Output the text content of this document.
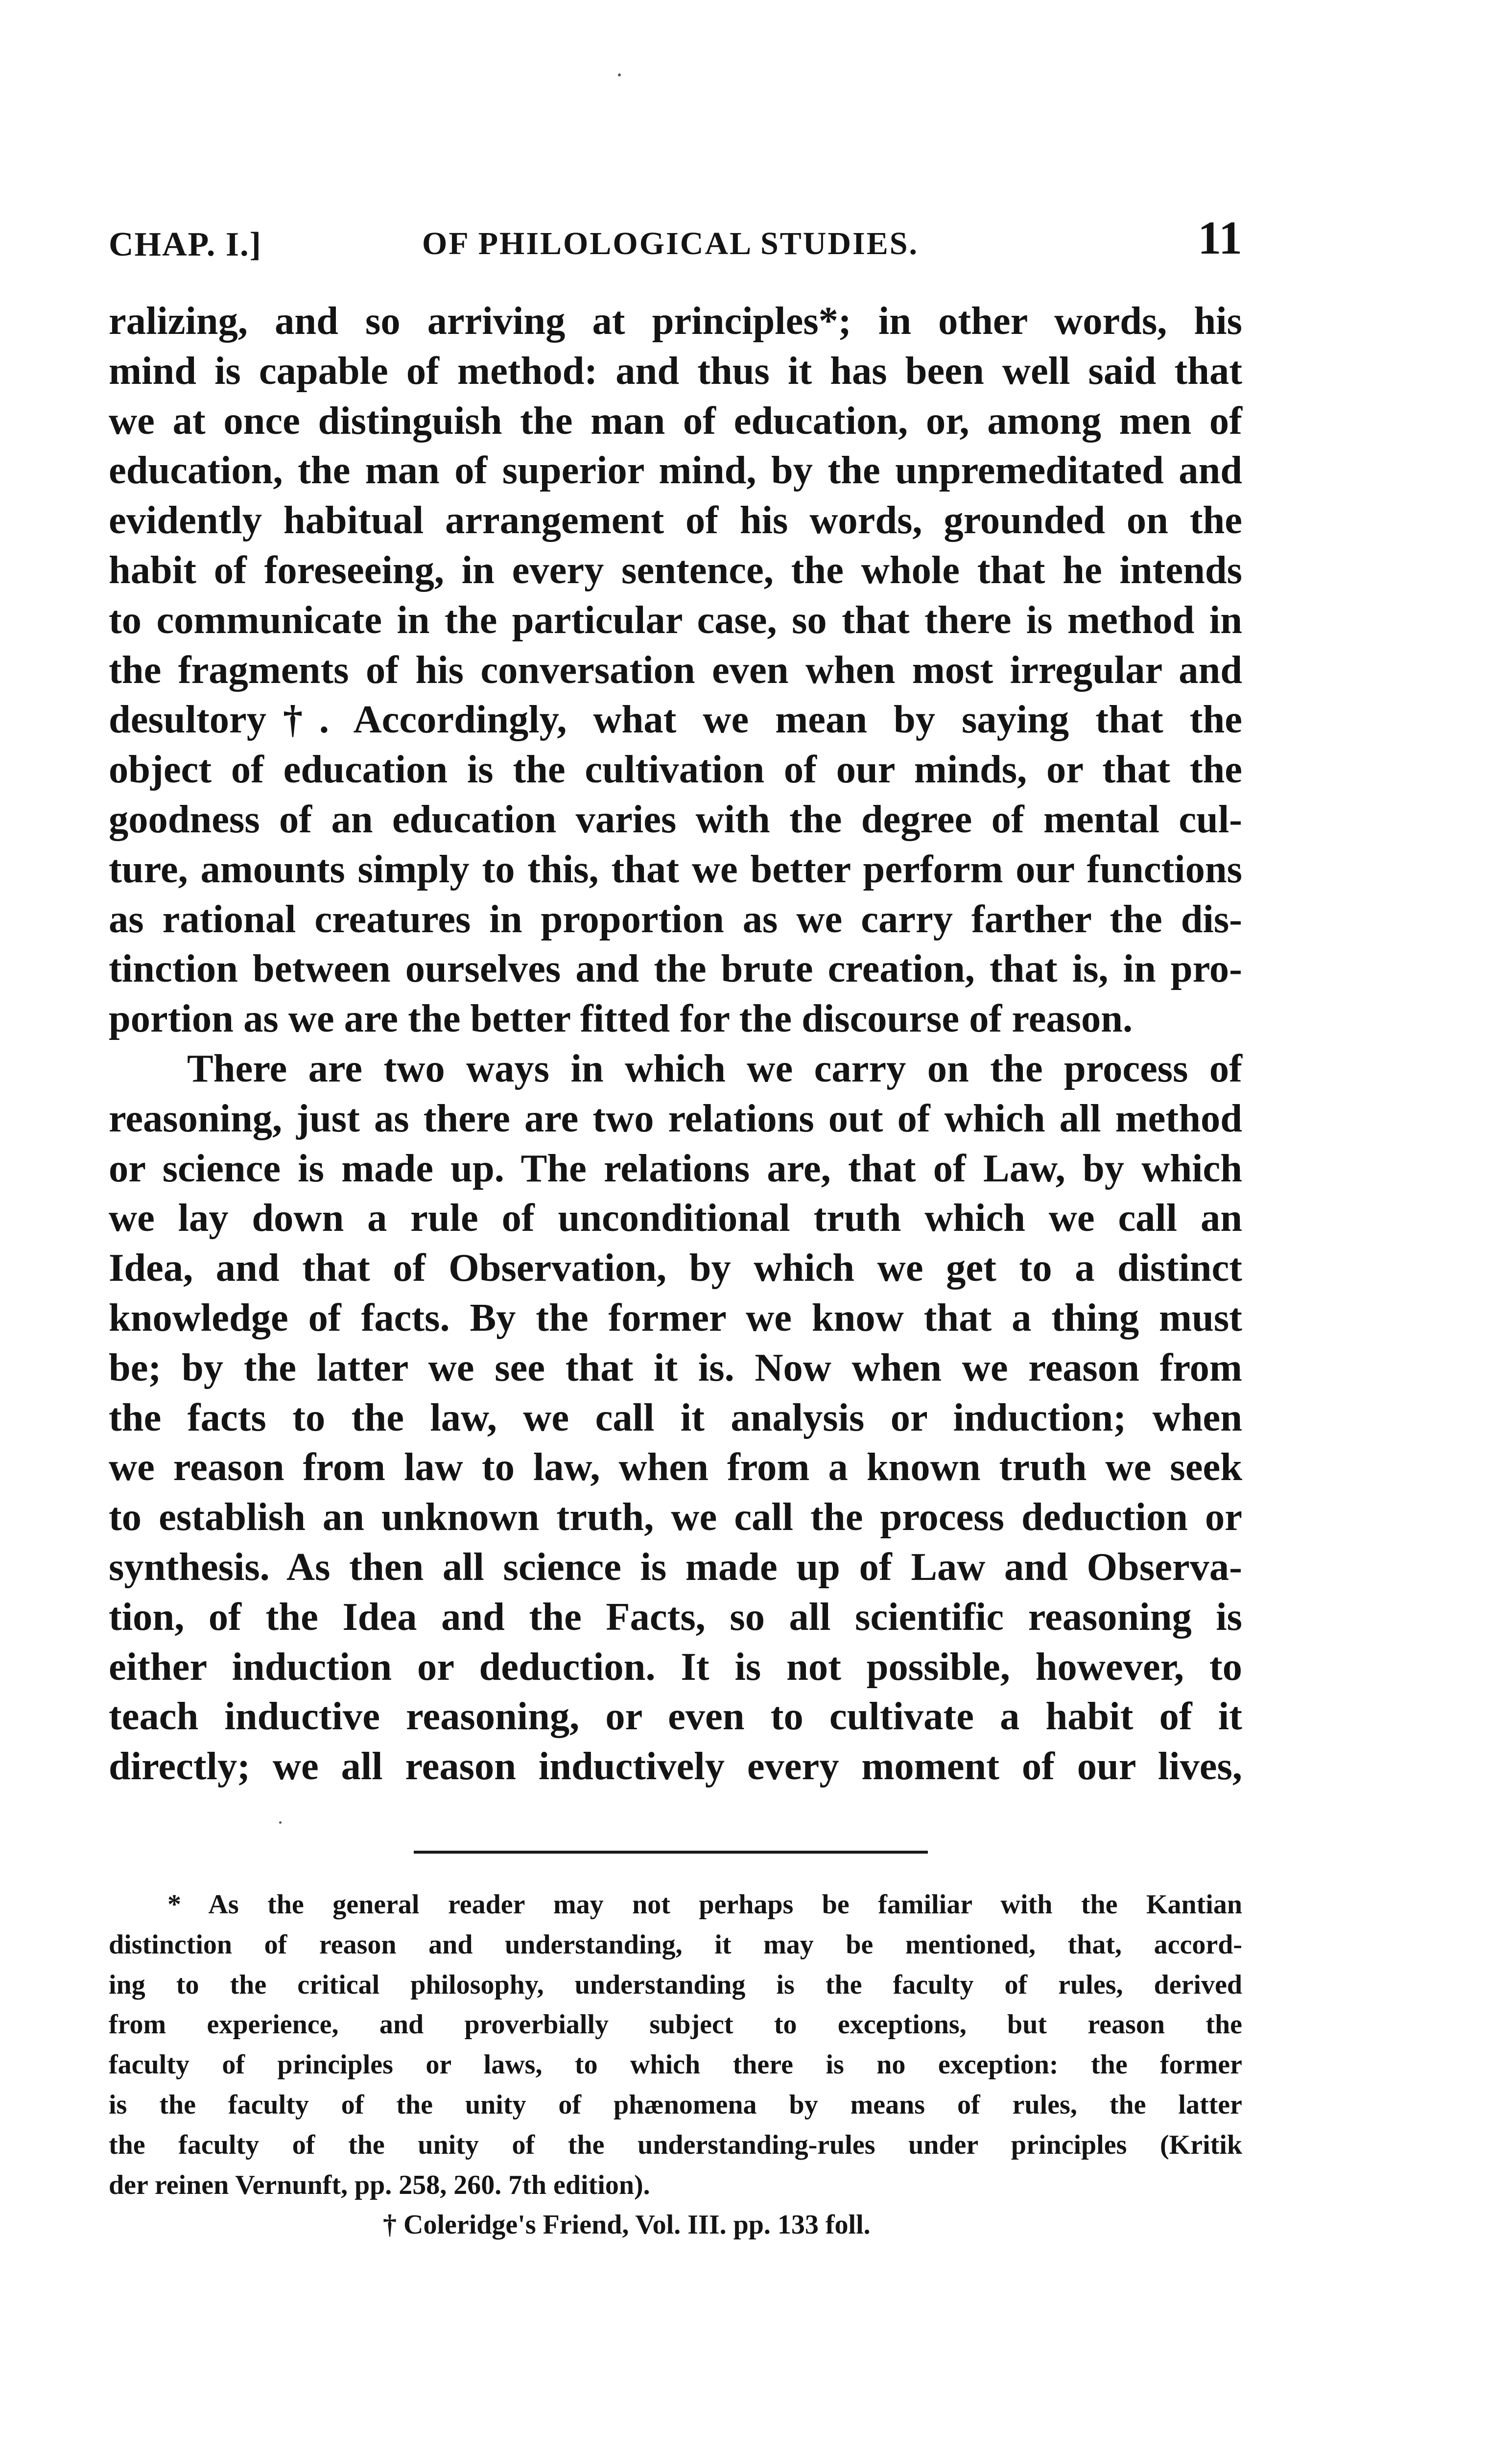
CHAP. I.]	OF PHILOLOGICAL STUDIES.	11

ralizing, and so arriving at principles*; in other words, his
mind is capable of method: and thus it has been well said that
we at once distinguish the man of education, or, among men of
education, the man of superior mind, by the unpremeditated and
evidently habitual arrangement of his words, grounded on the
habit of foreseeing, in every sentence, the whole that he intends
to communicate in the particular case, so that there is method in
the fragments of his conversation even when most irregular and
desultory†. Accordingly, what we mean by saying that the
object of education is the cultivation of our minds, or that the
goodness of an education varies with the degree of mental cul-
ture, amounts simply to this, that we better perform our functions
as rational creatures in proportion as we carry farther the dis-
tinction between ourselves and the brute creation, that is, in pro-
portion as we are the better fitted for the discourse of reason.

There are two ways in which we carry on the process of
reasoning, just as there are two relations out of which all method
or science is made up. The relations are, that of Law, by which
we lay down a rule of unconditional truth which we call an
Idea, and that of Observation, by which we get to a distinct
knowledge of facts. By the former we know that a thing must
be; by the latter we see that it is. Now when we reason from
the facts to the law, we call it analysis or induction; when
we reason from law to law, when from a known truth we seek
to establish an unknown truth, we call the process deduction or
synthesis. As then all science is made up of Law and Observa-
tion, of the Idea and the Facts, so all scientific reasoning is
either induction or deduction. It is not possible, however, to
teach inductive reasoning, or even to cultivate a habit of it
directly; we all reason inductively every moment of our lives,

* As the general reader may not perhaps be familiar with the Kantian
distinction of reason and understanding, it may be mentioned, that, accord-
ing to the critical philosophy, understanding is the faculty of rules, derived
from experience, and proverbially subject to exceptions, but reason the
faculty of principles or laws, to which there is no exception: the former
is the faculty of the unity of phænomena by means of rules, the latter
the faculty of the unity of the understanding-rules under principles (Kritik
der reinen Vernunft, pp. 258, 260. 7th edition).

† Coleridge's Friend, Vol. III. pp. 133 foll.
